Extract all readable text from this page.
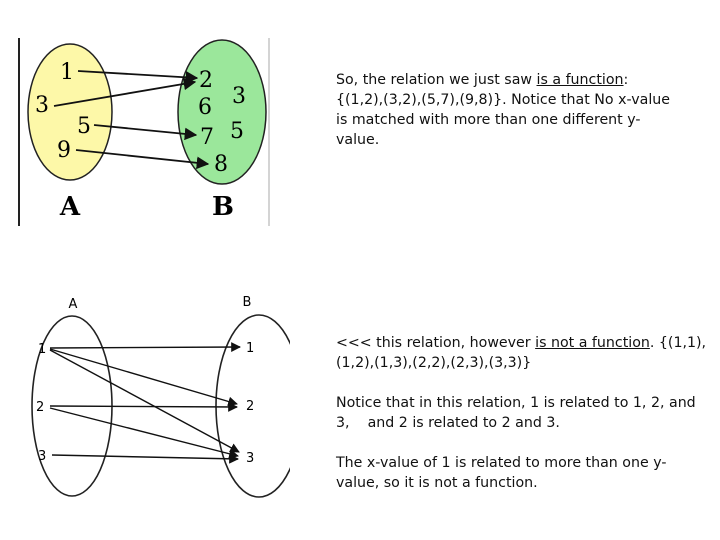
1
3
5
9
2
3
6
5
7
8
A	B

So, the relation we just saw is a function: {(1,2),(3,2),(5,7),(9,8)}. Notice that No x-value is matched with more than one different y-value.

A	B
1
2
3
1
2
3

<<< this relation, however is not a function. {(1,1),(1,2),(1,3),(2,2),(2,3),(3,3)}

Notice that in this relation, 1 is related to 1, 2, and 3,    and 2 is related to 2 and 3.

The x-value of 1 is related to more than one y-value, so it is not a function.
